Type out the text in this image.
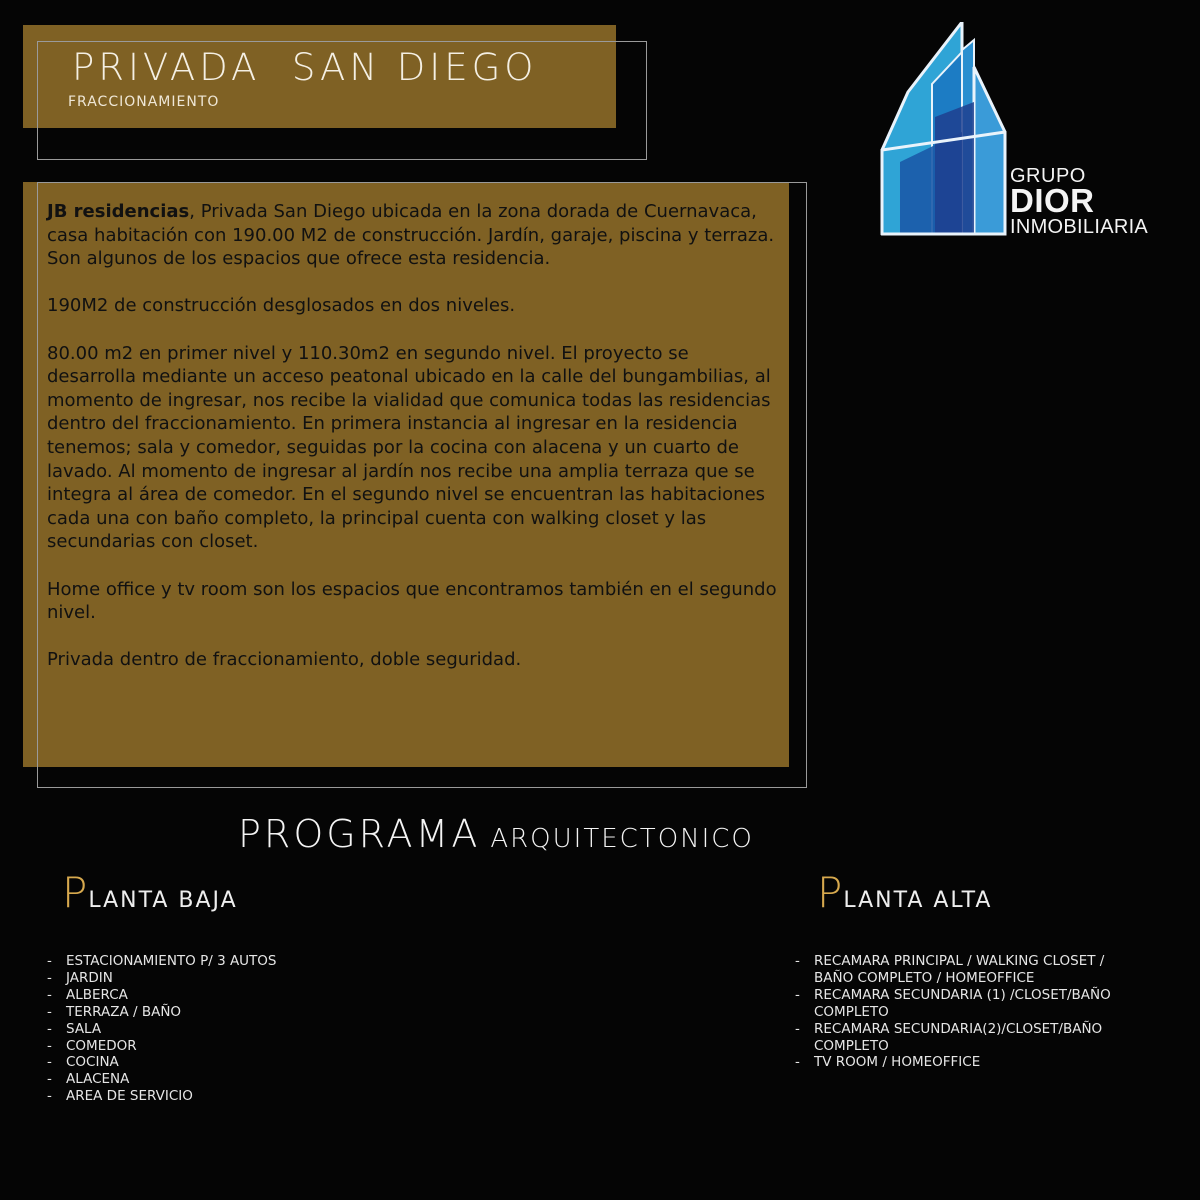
PRIVADA  SAN DIEGO
FRACCIONAMIENTO
GRUPO
DIOR
INMOBILIARIA

JB residencias, Privada San Diego ubicada en la zona dorada de Cuernavaca, casa habitación con 190.00 M2 de construcción. Jardín, garaje, piscina y terraza. Son algunos de los espacios que ofrece esta residencia.

190M2 de construcción desglosados en dos niveles.

80.00 m2 en primer nivel y 110.30m2 en segundo nivel. El proyecto se desarrolla mediante un acceso peatonal ubicado en la calle del bungambilias, al momento de ingresar, nos recibe la vialidad que comunica todas las residencias dentro del fraccionamiento. En primera instancia al ingresar en la residencia tenemos; sala y comedor, seguidas por la cocina con alacena y un cuarto de lavado. Al momento de ingresar al jardín nos recibe una amplia terraza que se integra al área de comedor. En el segundo nivel se encuentran las habitaciones cada una con baño completo, la principal cuenta con walking closet y las secundarias con closet.

Home office y tv room son los espacios que encontramos también en el segundo nivel.

Privada dentro de fraccionamiento, doble seguridad.

PROGRAMA ARQUITECTONICO
PLANTA BAJA
- ESTACIONAMIENTO P/ 3 AUTOS
- JARDIN
- ALBERCA
- TERRAZA / BAÑO
- SALA
- COMEDOR
- COCINA
- ALACENA
- AREA DE SERVICIO
PLANTA ALTA
- RECAMARA PRINCIPAL / WALKING CLOSET / BAÑO COMPLETO / HOMEOFFICE
- RECAMARA SECUNDARIA (1) /CLOSET/BAÑO COMPLETO
- RECAMARA SECUNDARIA(2)/CLOSET/BAÑO COMPLETO
- TV ROOM / HOMEOFFICE
